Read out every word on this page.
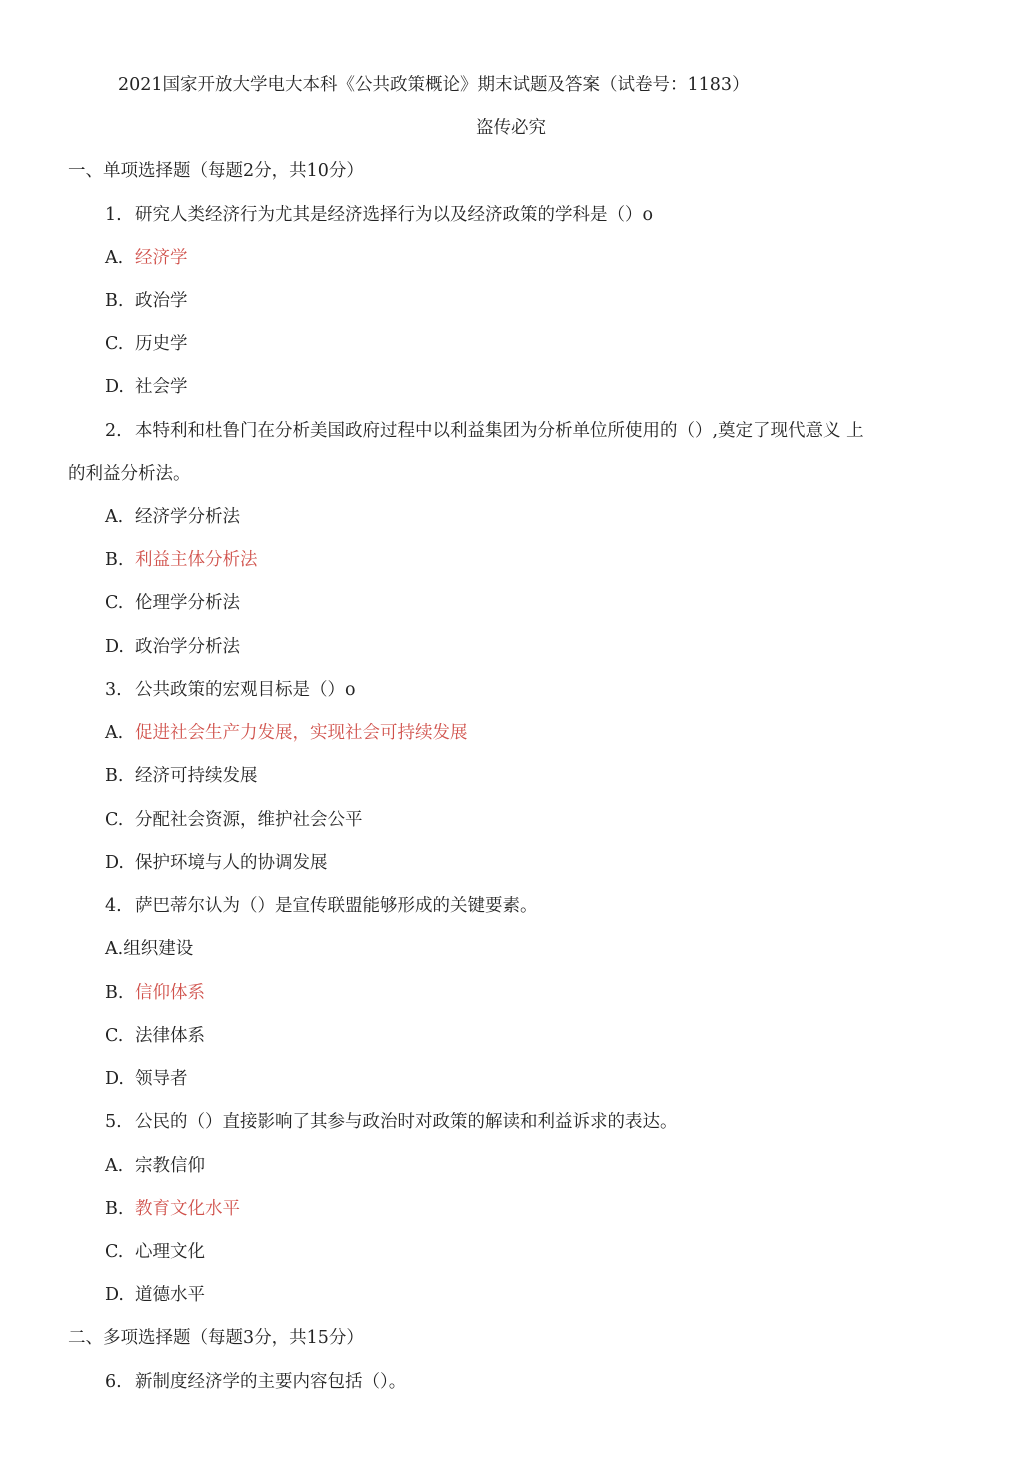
2021国家开放大学电大本科《公共政策概论》期末试题及答案（试卷号：1183）
盗传必究
一、单项选择题（每题2分，共10分）
1. 研究人类经济行为尤其是经济选择行为以及经济政策的学科是（）o
A. 经济学
B. 政治学
C. 历史学
D. 社会学
2. 本特利和杜鲁门在分析美国政府过程中以利益集团为分析单位所使用的（）,奠定了现代意义 上
的利益分析法。
A. 经济学分析法
B. 利益主体分析法
C. 伦理学分析法
D. 政治学分析法
3. 公共政策的宏观目标是（）o
A. 促进社会生产力发展，实现社会可持续发展
B. 经济可持续发展
C. 分配社会资源，维护社会公平
D. 保护环境与人的协调发展
4. 萨巴蒂尔认为（）是宣传联盟能够形成的关键要素。
A.组织建设
B. 信仰体系
C. 法律体系
D. 领导者
5. 公民的（）直接影响了其参与政治时对政策的解读和利益诉求的表达。
A. 宗教信仰
B. 教育文化水平
C. 心理文化
D. 道德水平
二、多项选择题（每题3分，共15分）
6. 新制度经济学的主要内容包括（）。
